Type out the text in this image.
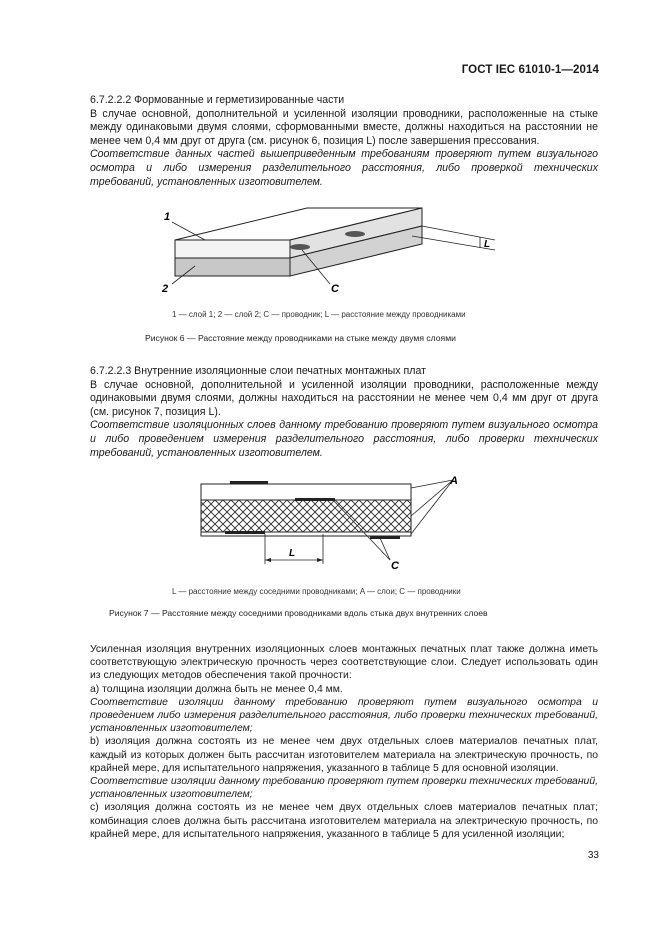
ГОСТ IEC 61010-1—2014

6.7.2.2.2 Формованные и герметизированные части

В случае основной, дополнительной и усиленной изоляции проводники, расположенные на стыке между одинаковыми двумя слоями, сформованными вместе, должны находиться на расстоянии не менее чем 0,4 мм друг от друга (см. рисунок 6, позиция L) после завершения прессования.

Соответствие данных частей вышеприведенным требованиям проверяют путем визуального осмотра и либо измерения разделительного расстояния, либо проверкой технических требований, установленных изготовителем.

1
2	C
L
1 — слой 1; 2 — слой 2; C — проводник; L — расстояние между проводниками
Рисунок 6 — Расстояние между проводниками на стыке между двумя слоями

6.7.2.2.3 Внутренние изоляционные слои печатных монтажных плат

В случае основной, дополнительной и усиленной изоляции проводники, расположенные между одинаковыми двумя слоями, должны находиться на расстоянии не менее чем 0,4 мм друг от друга (см. рисунок 7, позиция L).

Соответствие изоляционных слоев данному требованию проверяют путем визуального осмотра и либо проведением измерения разделительного расстояния, либо проверки технических требований, установленных изготовителем.

A
C
L
L — расстояние между соседними проводниками; A — слои; C — проводники
Рисунок 7 — Расстояние между соседними проводниками вдоль стыка двух внутренних слоев

Усиленная изоляция внутренних изоляционных слоев монтажных печатных плат также должна иметь соответствующую электрическую прочность через соответствующие слои. Следует использовать один из следующих методов обеспечения такой прочности:

a) толщина изоляции должна быть не менее 0,4 мм.

Соответствие изоляции данному требованию проверяют путем визуального осмотра и проведением либо измерения разделительного расстояния, либо проверки технических требований, установленных изготовителем;

b) изоляция должна состоять из не менее чем двух отдельных слоев материалов печатных плат, каждый из которых должен быть рассчитан изготовителем материала на электрическую прочность, по крайней мере, для испытательного напряжения, указанного в таблице 5 для основной изоляции.

Соответствие изоляции данному требованию проверяют путем проверки технических требований, установленных изготовителем;

c) изоляция должна состоять из не менее чем двух отдельных слоев материалов печатных плат; комбинация слоев должна быть рассчитана изготовителем материала на электрическую прочность, по крайней мере, для испытательного напряжения, указанного в таблице 5 для усиленной изоляции;

33
